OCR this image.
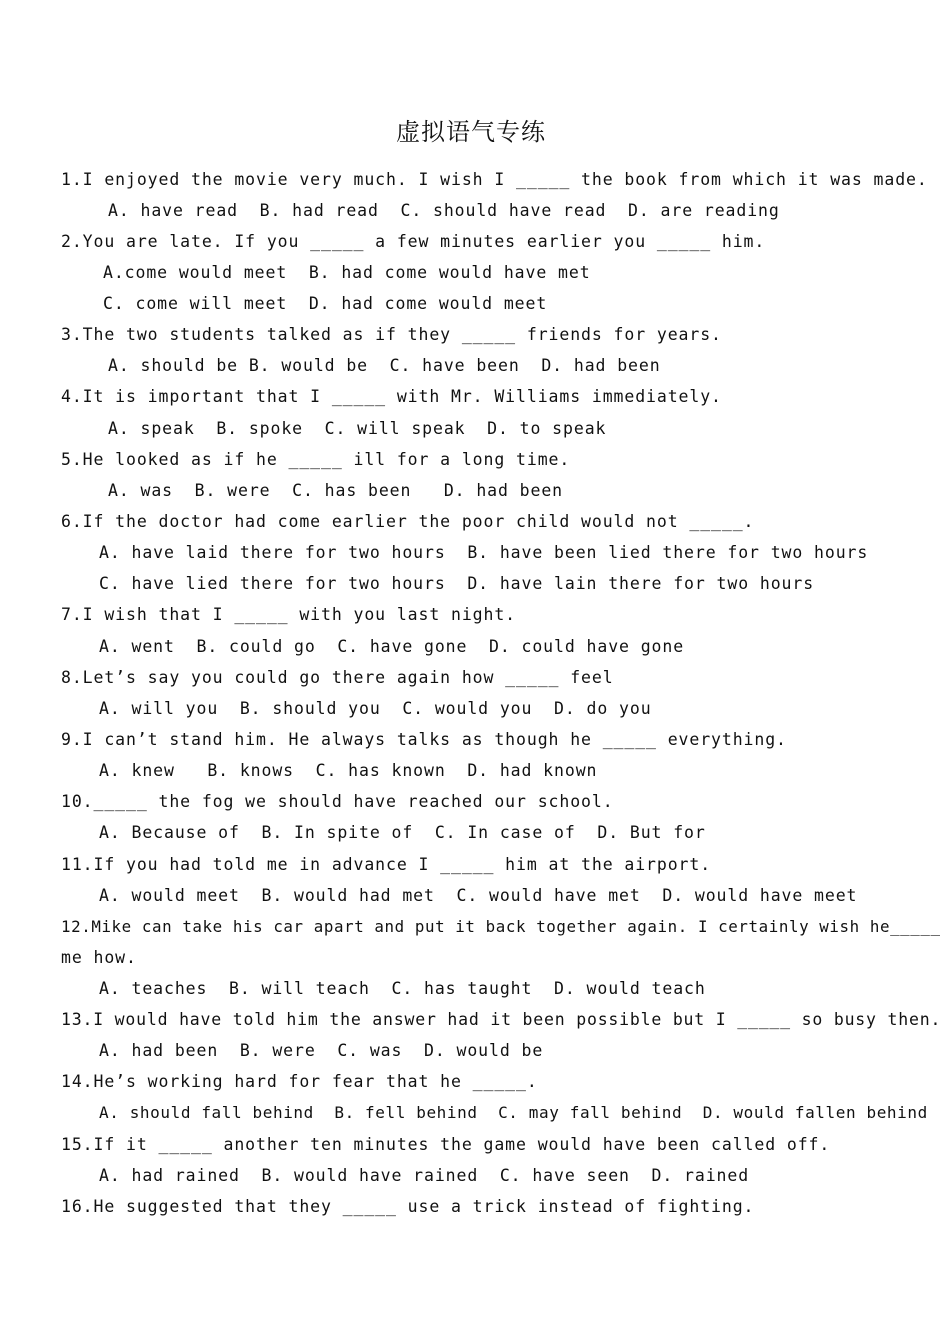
虚拟语气专练
1.I enjoyed the movie very much. I wish I _____ the book from which it was made.
A. have read  B. had read  C. should have read  D. are reading
2.You are late. If you _____ a few minutes earlier you _____ him.
A.come would meet  B. had come would have met
C. come will meet  D. had come would meet
3.The two students talked as if they _____ friends for years.
A. should be B. would be  C. have been  D. had been
4.It is important that I _____ with Mr. Williams immediately.
A. speak  B. spoke  C. will speak  D. to speak
5.He looked as if he _____ ill for a long time.
A. was  B. were  C. has been   D. had been
6.If the doctor had come earlier the poor child would not _____.
A. have laid there for two hours  B. have been lied there for two hours
C. have lied there for two hours  D. have lain there for two hours
7.I wish that I _____ with you last night.
A. went  B. could go  C. have gone  D. could have gone
8.Let’s say you could go there again how _____ feel
A. will you  B. should you  C. would you  D. do you
9.I can’t stand him. He always talks as though he _____ everything.
A. knew   B. knows  C. has known  D. had known
10._____ the fog we should have reached our school.
A. Because of  B. In spite of  C. In case of  D. But for
11.If you had told me in advance I _____ him at the airport.
A. would meet  B. would had met  C. would have met  D. would have meet
12.Mike can take his car apart and put it back together again. I certainly wish he_____
me how.
A. teaches  B. will teach  C. has taught  D. would teach
13.I would have told him the answer had it been possible but I _____ so busy then.
A. had been  B. were  C. was  D. would be
14.He’s working hard for fear that he _____.
A. should fall behind  B. fell behind  C. may fall behind  D. would fallen behind
15.If it _____ another ten minutes the game would have been called off.
A. had rained  B. would have rained  C. have seen  D. rained
16.He suggested that they _____ use a trick instead of fighting.
